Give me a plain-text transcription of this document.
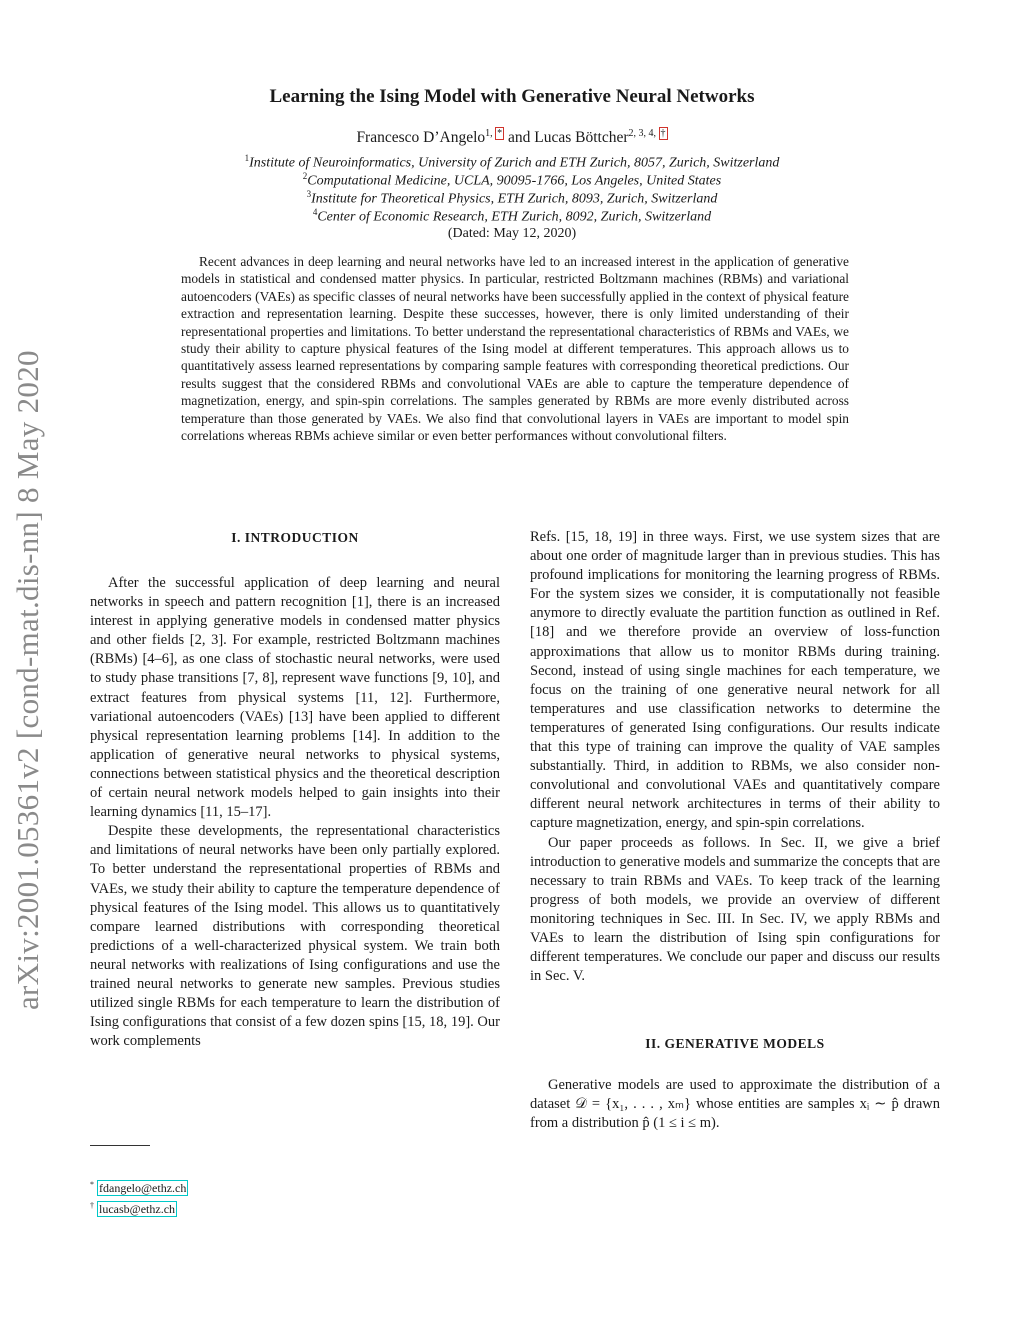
arXiv:2001.05361v2 [cond-mat.dis-nn] 8 May 2020
Learning the Ising Model with Generative Neural Networks
Francesco D’Angelo$^{1, *}$ and Lucas Böttcher$^{2, 3, 4, \dagger}$
$^1$Institute of Neuroinformatics, University of Zurich and ETH Zurich, 8057, Zurich, Switzerland
$^2$Computational Medicine, UCLA, 90095-1766, Los Angeles, United States
$^3$Institute for Theoretical Physics, ETH Zurich, 8093, Zurich, Switzerland
$^4$Center of Economic Research, ETH Zurich, 8092, Zurich, Switzerland
(Dated: May 12, 2020)

Recent advances in deep learning and neural networks have led to an increased interest in the application of generative models in statistical and condensed matter physics. In particular, restricted Boltzmann machines (RBMs) and variational autoencoders (VAEs) as specific classes of neural networks have been successfully applied in the context of physical feature extraction and representation learning. Despite these successes, however, there is only limited understanding of their representational properties and limitations. To better understand the representational characteristics of RBMs and VAEs, we study their ability to capture physical features of the Ising model at different temperatures. This approach allows us to quantitatively assess learned representations by comparing sample features with corresponding theoretical predictions. Our results suggest that the considered RBMs and convolutional VAEs are able to capture the temperature dependence of magnetization, energy, and spin-spin correlations. The samples generated by RBMs are more evenly distributed across temperature than those generated by VAEs. We also find that convolutional layers in VAEs are important to model spin correlations whereas RBMs achieve similar or even better performances without convolutional filters.

I. INTRODUCTION

After the successful application of deep learning and neural networks in speech and pattern recognition [1], there is an increased interest in applying generative models in condensed matter physics and other fields [2, 3]. For example, restricted Boltzmann machines (RBMs) [4–6], as one class of stochastic neural networks, were used to study phase transitions [7, 8], represent wave functions [9, 10], and extract features from physical systems [11, 12]. Furthermore, variational autoencoders (VAEs) [13] have been applied to different physical representation learning problems [14]. In addition to the application of generative neural networks to physical systems, connections between statistical physics and the theoretical description of certain neural network models helped to gain insights into their learning dynamics [11, 15–17].

Despite these developments, the representational characteristics and limitations of neural networks have been only partially explored. To better understand the representational properties of RBMs and VAEs, we study their ability to capture the temperature dependence of physical features of the Ising model. This allows us to quantitatively compare learned distributions with corresponding theoretical predictions of a well-characterized physical system. We train both neural networks with realizations of Ising configurations and use the trained neural networks to generate new samples. Previous studies utilized single RBMs for each temperature to learn the distribution of Ising configurations that consist of a few dozen spins [15, 18, 19]. Our work complements

Refs. [15, 18, 19] in three ways. First, we use system sizes that are about one order of magnitude larger than in previous studies. This has profound implications for monitoring the learning progress of RBMs. For the system sizes we consider, it is computationally not feasible anymore to directly evaluate the partition function as outlined in Ref. [18] and we therefore provide an overview of loss-function approximations that allow us to monitor RBMs during training. Second, instead of using single machines for each temperature, we focus on the training of one generative neural network for all temperatures and use classification networks to determine the temperatures of generated Ising configurations. Our results indicate that this type of training can improve the quality of VAE samples substantially. Third, in addition to RBMs, we also consider non-convolutional and convolutional VAEs and quantitatively compare different neural network architectures in terms of their ability to capture magnetization, energy, and spin-spin correlations.

Our paper proceeds as follows. In Sec. II, we give a brief introduction to generative models and summarize the concepts that are necessary to train RBMs and VAEs. To keep track of the learning progress of both models, we provide an overview of different monitoring techniques in Sec. III. In Sec. IV, we apply RBMs and VAEs to learn the distribution of Ising spin configurations for different temperatures. We conclude our paper and discuss our results in Sec. V.

II. GENERATIVE MODELS

Generative models are used to approximate the distribution of a dataset 𝒟 = {x₁, . . . , xₘ} whose entities are samples xᵢ ∼ p̂ drawn from a distribution p̂ (1 ≤ i ≤ m).

* fdangelo@ethz.ch
† lucasb@ethz.ch
